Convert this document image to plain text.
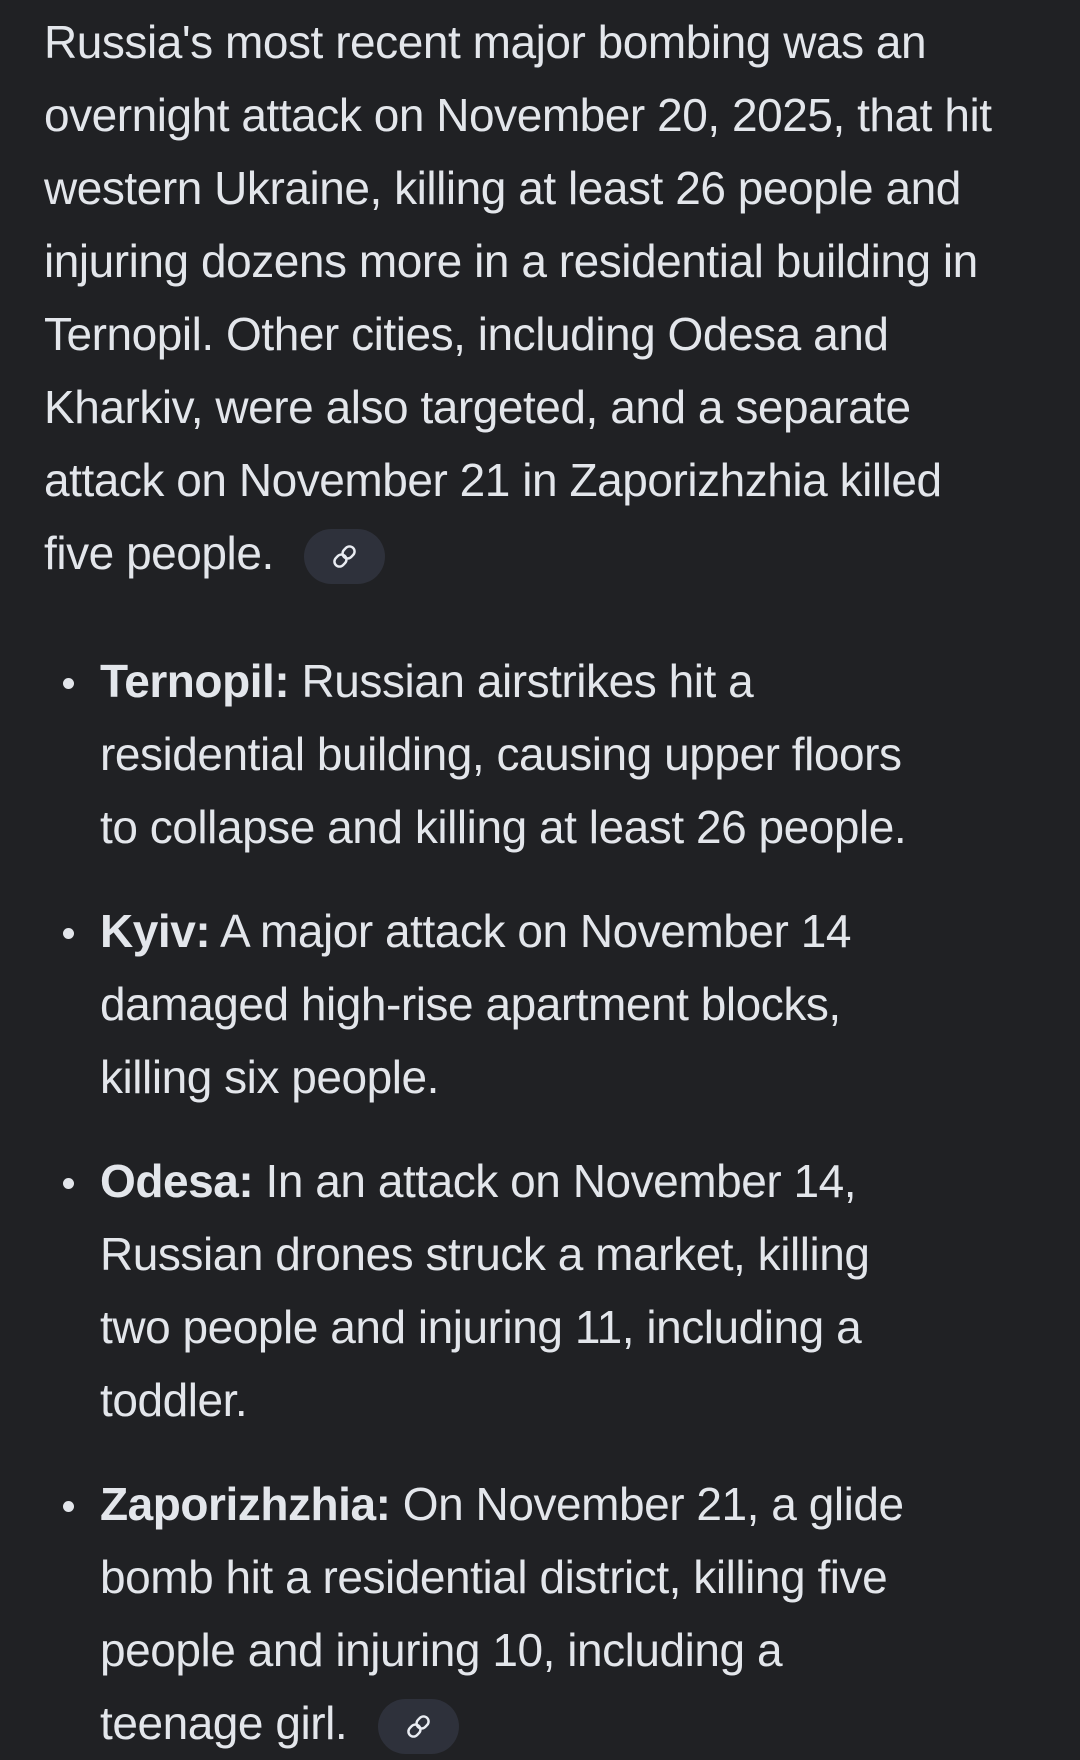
Russia's most recent major bombing was an overnight attack on November 20, 2025, that hit western Ukraine, killing at least 26 people and injuring dozens more in a residential building in Ternopil. Other cities, including Odesa and Kharkiv, were also targeted, and a separate attack on November 21 in Zaporizhzhia killed five people.

Ternopil: Russian airstrikes hit a residential building, causing upper floors to collapse and killing at least 26 people.
Kyiv: A major attack on November 14 damaged high-rise apartment blocks, killing six people.
Odesa: In an attack on November 14, Russian drones struck a market, killing two people and injuring 11, including a toddler.
Zaporizhzhia: On November 21, a glide bomb hit a residential district, killing five people and injuring 10, including a teenage girl.
